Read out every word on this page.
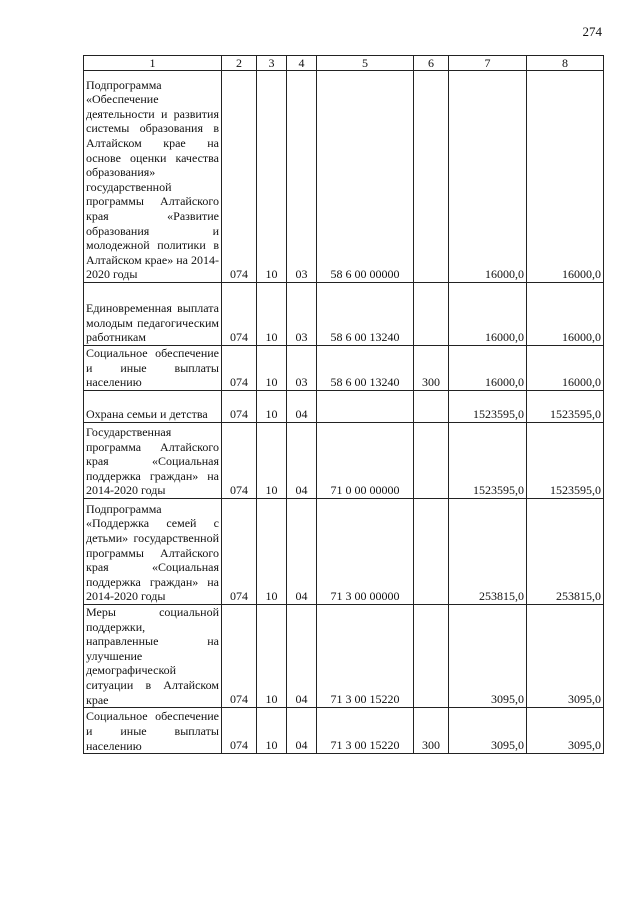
274
1	2	3	4	5	6	7	8
Подпрограмма
«Обеспечение деятельности и развития системы образования в Алтайском крае на основе оценки качества образования» государственной программы Алтайского края «Развитие образования и молодежной политики в Алтайском крае» на 2014-2020 годы	074	10	03	58 6 00 00000		16000,0	16000,0
Единовременная выплата молодым педагогическим работникам	074	10	03	58 6 00 13240		16000,0	16000,0
Социальное обеспечение и иные выплаты населению	074	10	03	58 6 00 13240	300	16000,0	16000,0
Охрана семьи и детства	074	10	04			1523595,0	1523595,0
Государственная программа Алтайского края «Социальная поддержка граждан» на 2014-2020 годы	074	10	04	71 0 00 00000		1523595,0	1523595,0
Подпрограмма «Поддержка семей с детьми» государственной программы Алтайского края «Социальная поддержка граждан» на 2014-2020 годы	074	10	04	71 3 00 00000		253815,0	253815,0
Меры социальной поддержки, направленные на улучшение демографической ситуации в Алтайском крае	074	10	04	71 3 00 15220		3095,0	3095,0
Социальное обеспечение и иные выплаты населению	074	10	04	71 3 00 15220	300	3095,0	3095,0
